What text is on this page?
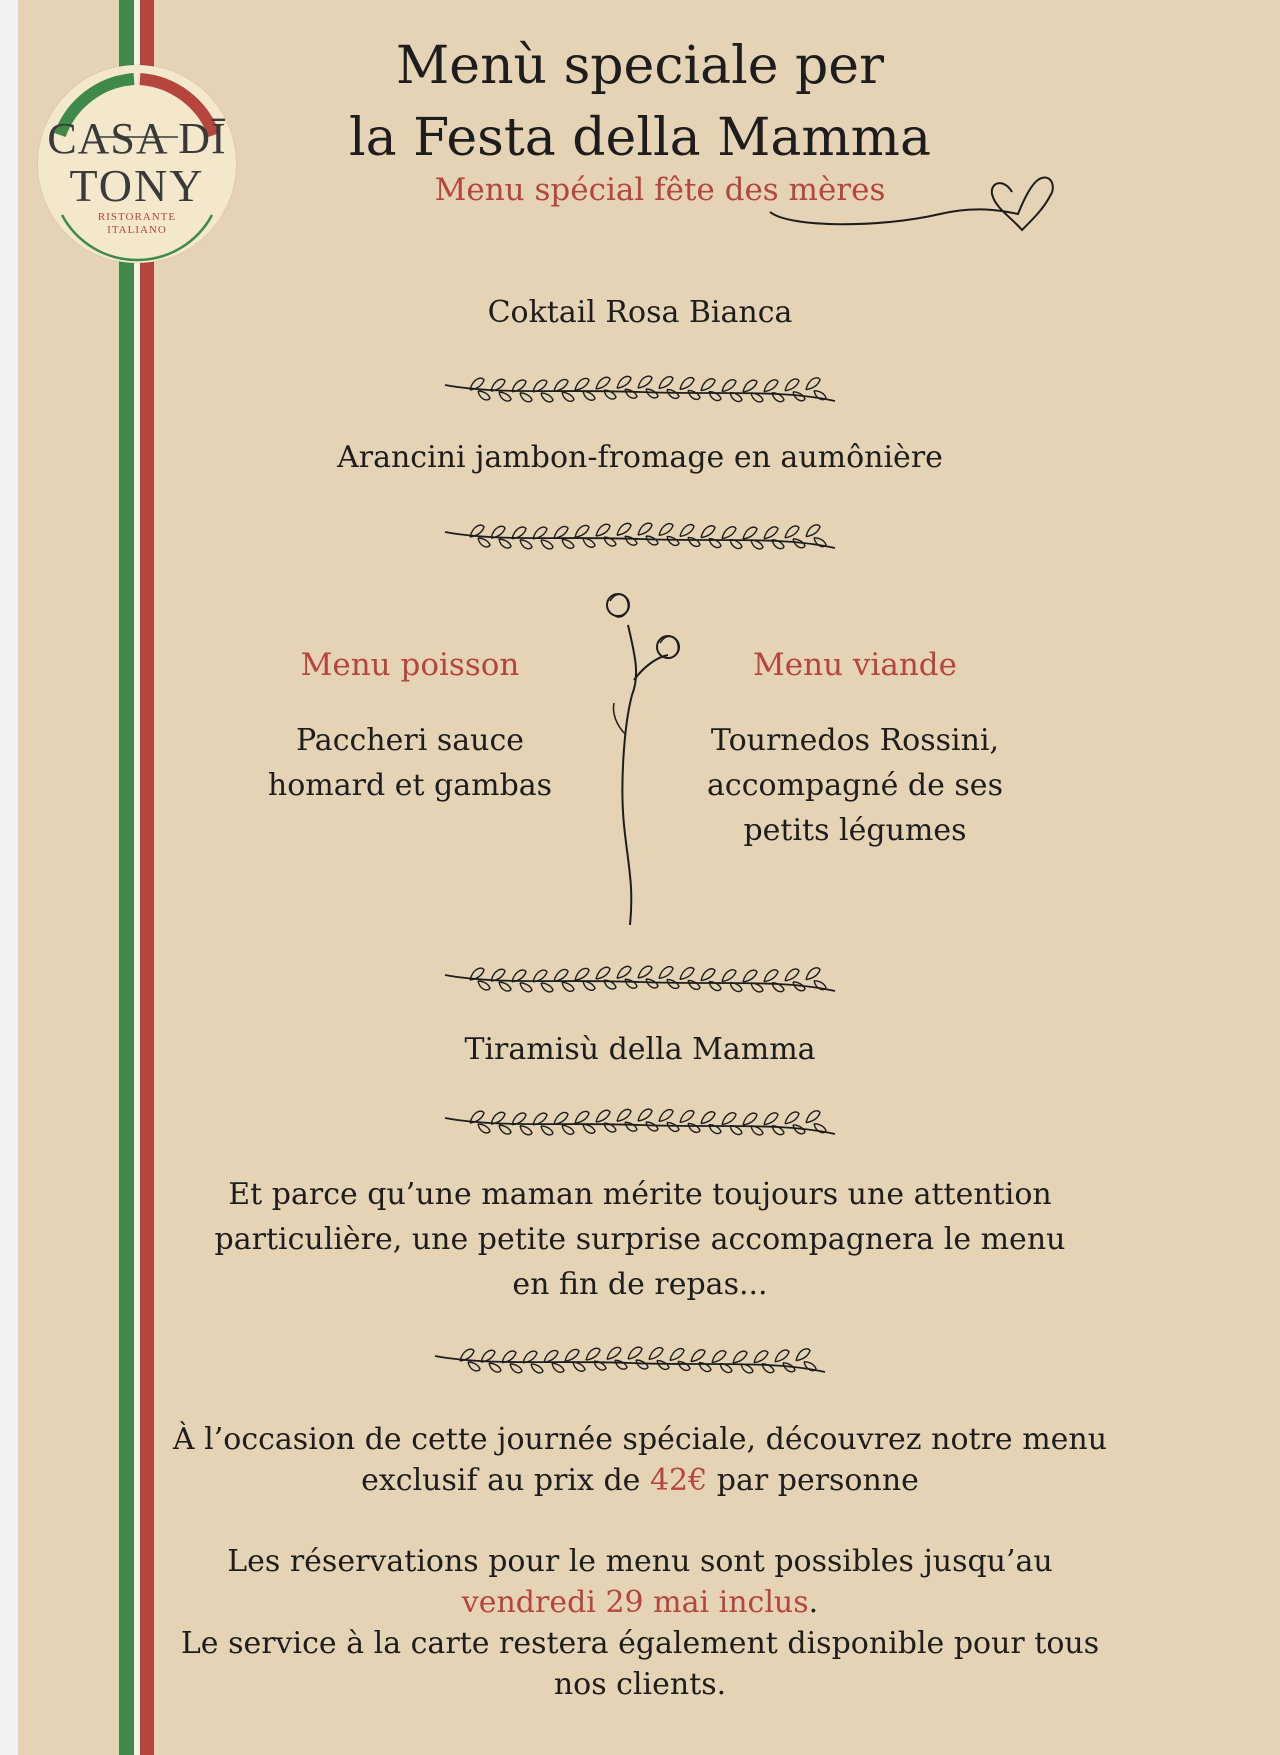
CASA DĪ
TONY
RISTORANTE
ITALIANO
Menù speciale per
la Festa della Mamma
Menu spécial fête des mères
Coktail Rosa Bianca
Arancini jambon-fromage en aumônière
Menu poisson
Paccheri sauce
homard et gambas
Menu viande
Tournedos Rossini,
accompagné de ses
petits légumes
Tiramisù della Mamma
Et parce qu’une maman mérite toujours une attention
particulière, une petite surprise accompagnera le menu
en fin de repas...
À l’occasion de cette journée spéciale, découvrez notre menu
exclusif au prix de 42€ par personne
Les réservations pour le menu sont possibles jusqu’au
vendredi 29 mai inclus.
Le service à la carte restera également disponible pour tous
nos clients.
